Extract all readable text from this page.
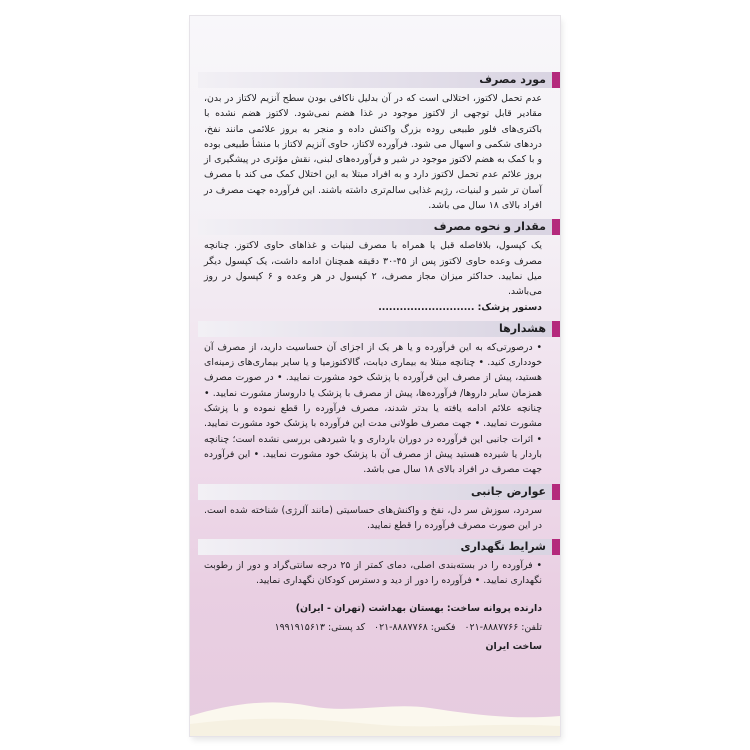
مورد مصرف
عدم تحمل لاکتوز، اختلالی است که در آن بدلیل ناکافی بودن سطح آنزیم لاکتاز در بدن، مقادیر قابل توجهی از لاکتوز موجود در غذا هضم نمی‌شود. لاکتوز هضم نشده با باکتری‌های فلور طبیعی روده بزرگ واکنش داده و منجر به بروز علائمی مانند نفخ، دردهای شکمی و اسهال می شود. فرآورده لاکتاز، حاوی آنزیم لاکتاز با منشأ طبیعی بوده و با کمک به هضم لاکتوز موجود در شیر و فرآورده‌های لبنی، نقش مؤثری در پیشگیری از بروز علائم عدم تحمل لاکتوز دارد و به افراد مبتلا به این اختلال کمک می کند با مصرف آسان تر شیر و لبنیات، رژیم غذایی سالم‌تری داشته باشند. این فرآورده جهت مصرف در افراد بالای ۱۸ سال می باشد.
مقدار و نحوه مصرف
یک کپسول، بلافاصله قبل یا همراه با مصرف لبنیات و غذاهای حاوی لاکتوز. چنانچه مصرف وعده حاوی لاکتوز پس از ۴۵-۳۰ دقیقه همچنان ادامه داشت، یک کپسول دیگر میل نمایید. حداکثر میزان مجاز مصرف، ۲ کپسول در هر وعده و ۶ کپسول در روز می‌باشد.
دستور پزشک: ...........................
هشدارها
• درصورتی‌که به این فرآورده و یا هر یک از اجزای آن حساسیت دارید، از مصرف آن خودداری کنید. • چنانچه مبتلا به بیماری دیابت، گالاکتوزمیا و یا سایر بیماری‌های زمینه‌ای هستید، پیش از مصرف این فرآورده با پزشک خود مشورت نمایید. • در صورت مصرف همزمان سایر داروها/ فرآورده‌ها، پیش از مصرف با پزشک یا داروساز مشورت نمایید. • چنانچه علائم ادامه یافته یا بدتر شدند، مصرف فرآورده را قطع نموده و با پزشک مشورت نمایید. • جهت مصرف طولانی مدت این فرآورده با پزشک خود مشورت نمایید. • اثرات جانبی این فرآورده در دوران بارداری و یا شیردهی بررسی نشده است؛ چنانچه باردار یا شیرده هستید پیش از مصرف آن با پزشک خود مشورت نمایید. • این فرآورده جهت مصرف در افراد بالای ۱۸ سال می باشد.
عوارض جانبی
سردرد، سوزش سر دل، نفخ و واکنش‌های حساسیتی (مانند آلرژی) شناخته شده است. در این صورت مصرف فرآورده را قطع نمایید.
شرایط نگهداری
• فرآورده را در بسته‌بندی اصلی، دمای کمتر از ۲۵ درجه سانتی‌گراد و دور از رطوبت نگهداری نمایید. • فرآورده را دور از دید و دسترس کودکان نگهداری نمایید.
دارنده پروانه ساخت: بهستان بهداشت (تهران - ایران)
تلفن: ۰۲۱-۸۸۸۷۷۶۶   فکس: ۰۲۱-۸۸۸۷۷۶۸   کد پستی: ۱۹۹۱۹۱۵۶۱۳
ساخت ایران
